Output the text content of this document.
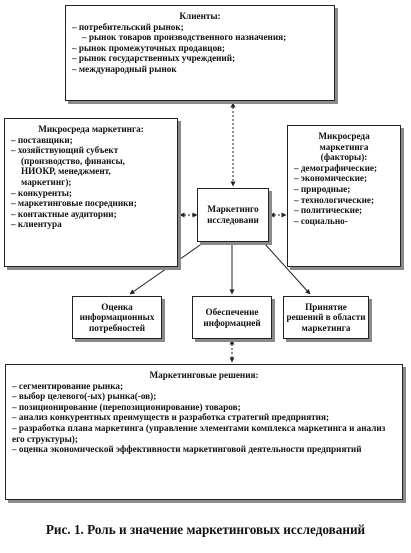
Клиенты:
– потребительский рынок;
– рынок товаров производственного назначения;
– рынок промежуточных продавцов;
– рынок государственных учреждений;
– международный рынок
Микросреда маркетинга:
– поставщики;
– хозяйствующий субъект
(производство, финансы,
НИОКР, менеджмент,
маркетинг);
– конкуренты;
– маркетинговые посредники;
– контактные аудитории;
– клиентура
Микросреда
маркетинга
(факторы):
– демографические;
– экономические;
– природные;
– технологические;
– политические;
– социально-
Маркетинго
исследовани
Оценка
информационных
потребностей
Обеспечение
информацией
Принятие
решений в области
маркетинга
Маркетинговые решения:
– сегментирование рынка;
– выбор целевого(-ых) рынка(-ов);
– позиционирование (перепозиционирование) товаров;
– анализ конкурентных преимуществ и разработка стратегий предприятия;
– разработка плана маркетинга (управление элементами комплекса маркетинга и анализ его структуры);
– оценка экономической эффективности маркетинговой деятельности предприятий
Рис. 1. Роль и значение маркетинговых исследований
